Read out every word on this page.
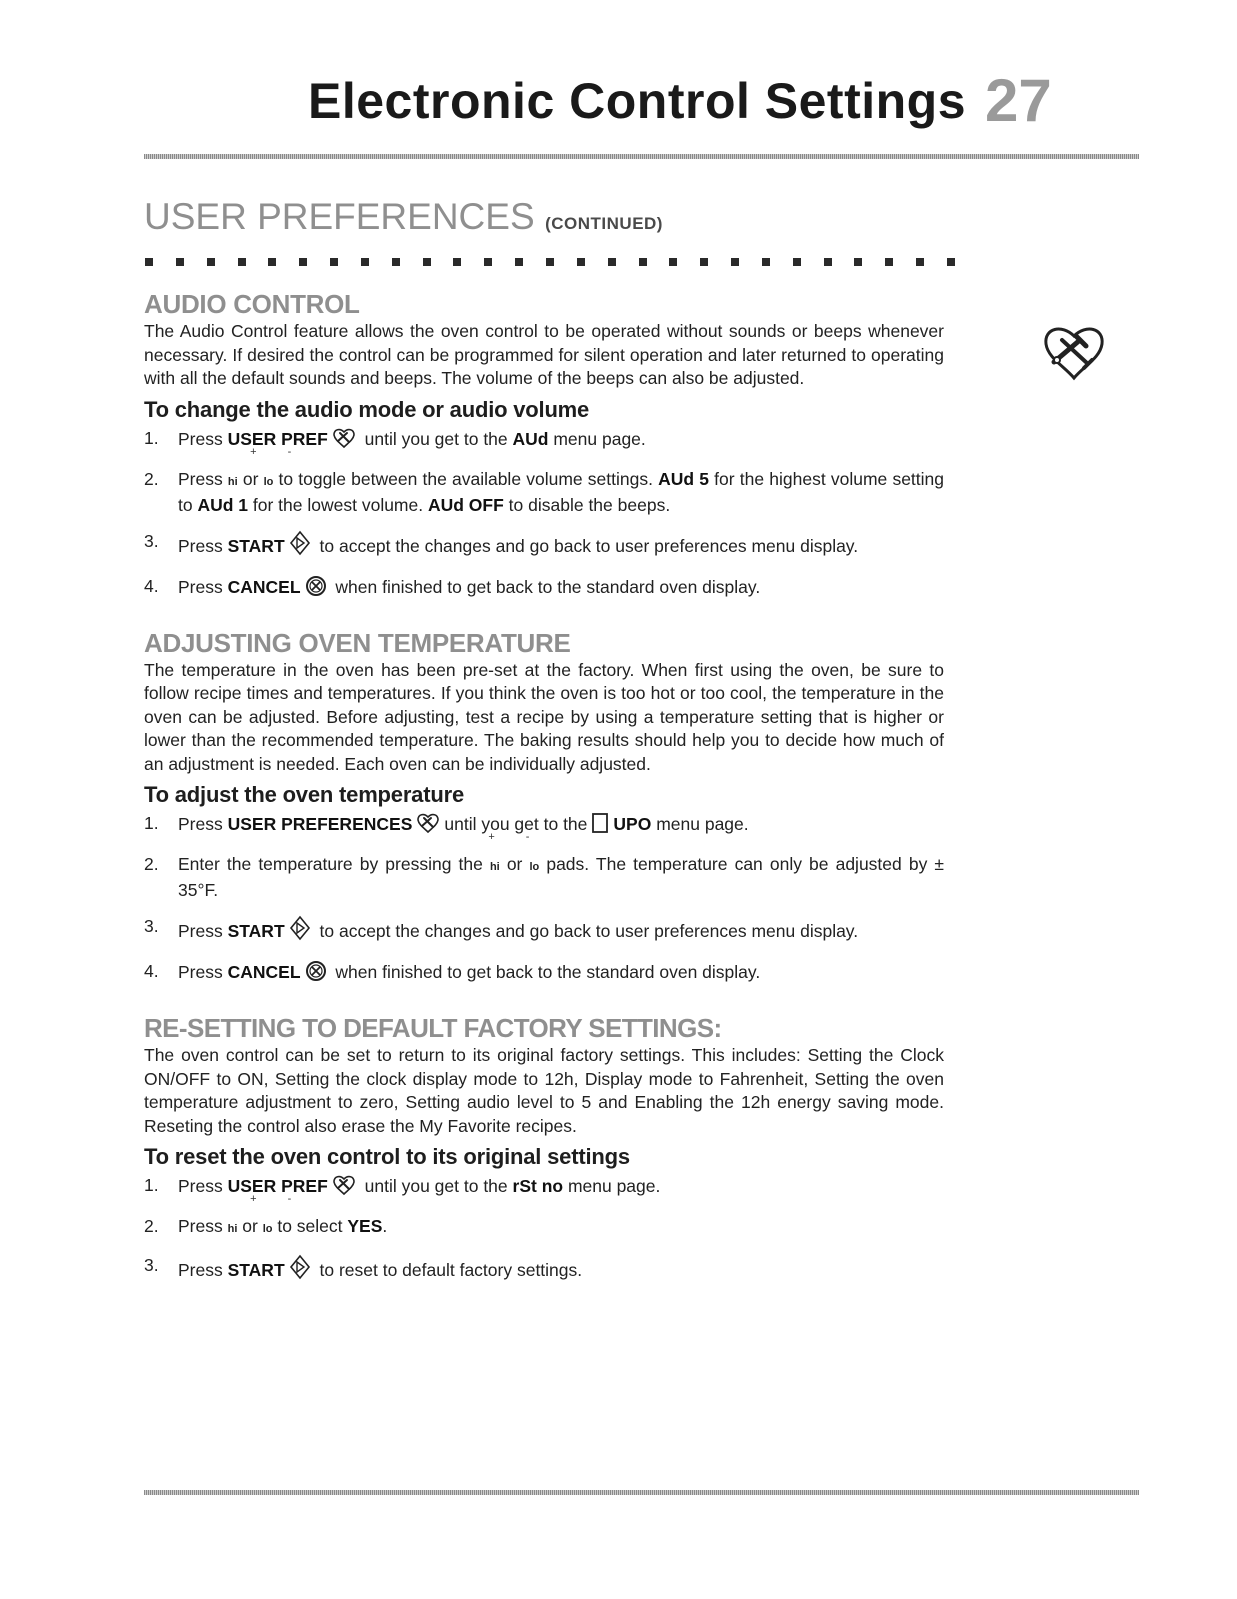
Electronic Control Settings 27
USER PREFERENCES (CONTINUED)
AUDIO CONTROL

The Audio Control feature allows the oven control to be operated without sounds or beeps whenever necessary. If desired the control can be programmed for silent operation and later returned to operating with all the default sounds and beeps. The volume of the beeps can also be adjusted.

To change the audio mode or audio volume
1. Press USER PREF
+ -
until you get to the AUd menu page.
2. Press hi or lo to toggle between the available volume settings. AUd 5 for the highest volume setting to AUd 1 for the lowest volume. AUd OFF to disable the beeps.
3. Press START to accept the changes and go back to user preferences menu display.
4. Press CANCEL when finished to get back to the standard oven display.
ADJUSTING OVEN TEMPERATURE

The temperature in the oven has been pre-set at the factory. When first using the oven, be sure to follow recipe times and temperatures. If you think the oven is too hot or too cool, the temperature in the oven can be adjusted. Before adjusting, test a recipe by using a temperature setting that is higher or lower than the recommended temperature. The baking results should help you to decide how much of an adjustment is needed. Each oven can be individually adjusted.

To adjust the oven temperature
1. Press USER PREFERENCESuntil you get to the
+ -
UPO menu page.
2. Enter the temperature by pressing the hi or lo pads. The temperature can only be adjusted by ± 35°F.
3. Press START to accept the changes and go back to user preferences menu display.
4. Press CANCEL when finished to get back to the standard oven display.
RE-SETTING TO DEFAULT FACTORY SETTINGS:

The oven control can be set to return to its original factory settings. This includes: Setting the Clock ON/OFF to ON, Setting the clock display mode to 12h, Display mode to Fahrenheit, Setting the oven temperature adjustment to zero, Setting audio level to 5 and Enabling the 12h energy saving mode. Reseting the control also erase the My Favorite recipes.

To reset the oven control to its original settings
1. Press USER PREF
+ -
until you get to the rSt no menu page.
2. Press hi or lo to select YES.
3. Press START to reset to default factory settings.
